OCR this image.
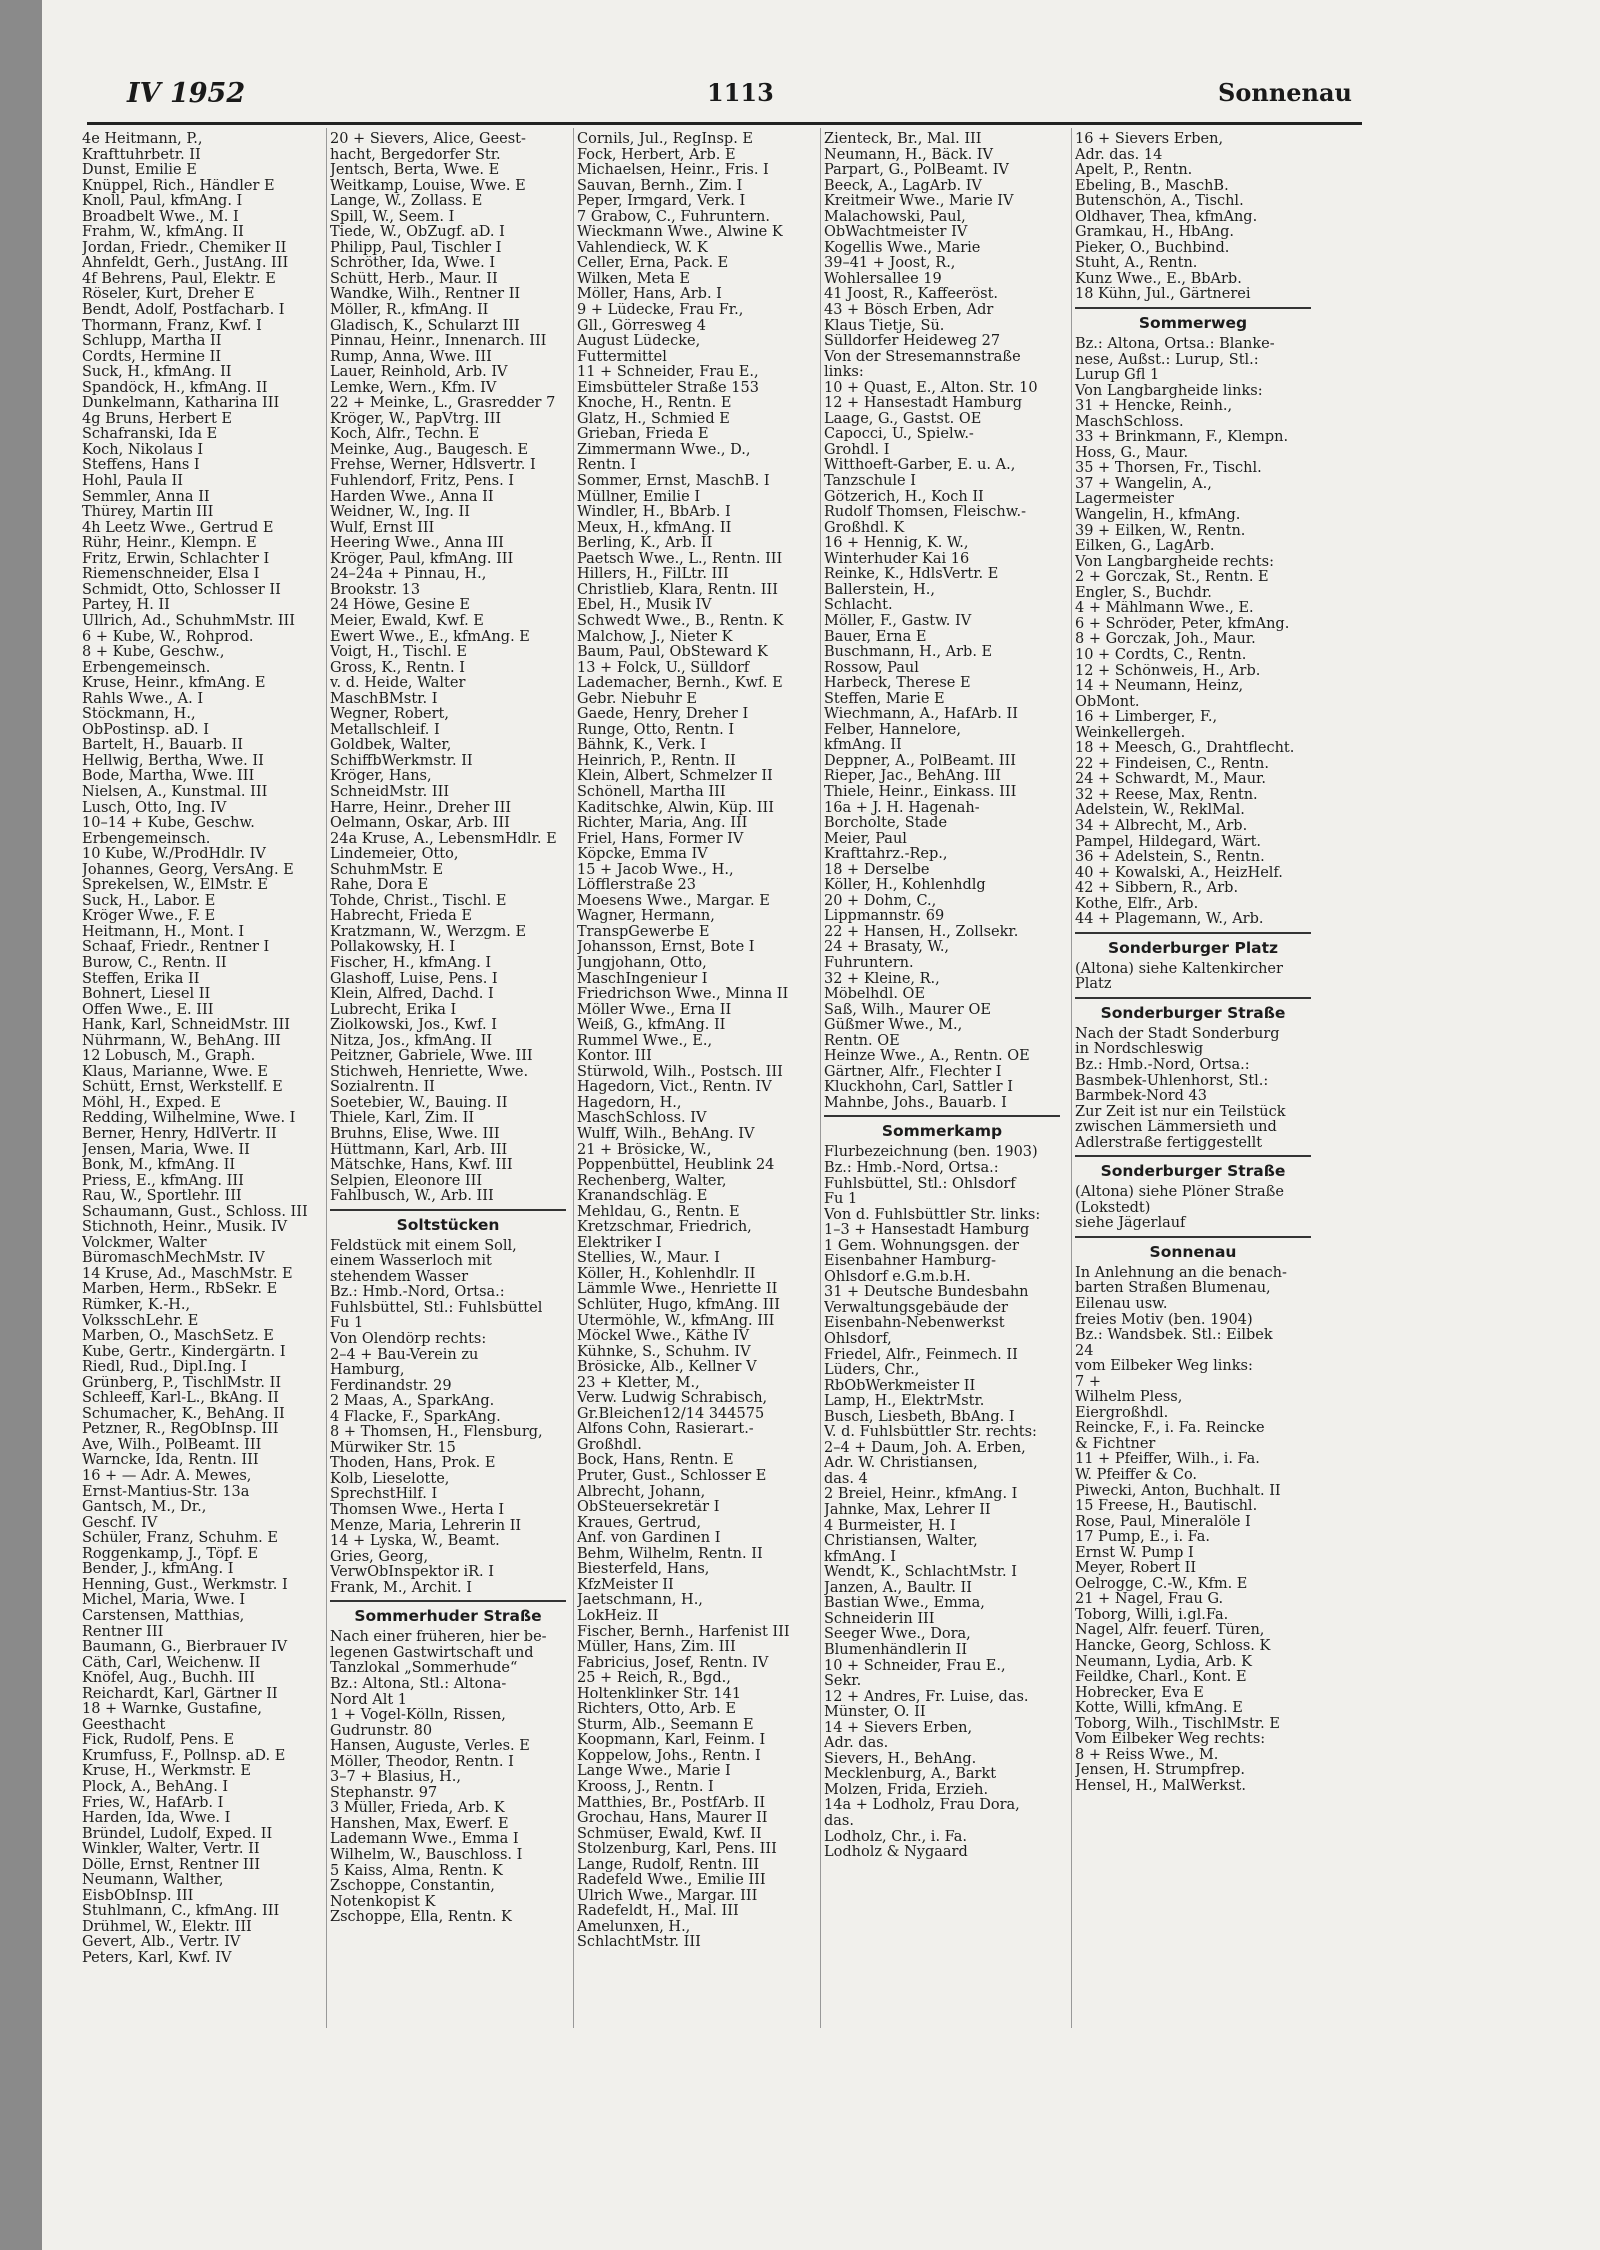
IV 1952	1113	Sonnenau
4e Heitmann, P.,
Krafttuhrbetr. II
Dunst, Emilie E
Knüppel, Rich., Händler E
Knoll, Paul, kfmAng. I
Broadbelt Wwe., M. I
Frahm, W., kfmAng. II
Jordan, Friedr., Chemiker II
Ahnfeldt, Gerh., JustAng. III
4f Behrens, Paul, Elektr. E
Röseler, Kurt, Dreher E
Bendt, Adolf, Postfacharb. I
Thormann, Franz, Kwf. I
Schlupp, Martha II
Cordts, Hermine II
Suck, H., kfmAng. II
Spandöck, H., kfmAng. II
Dunkelmann, Katharina III
4g Bruns, Herbert E
Schafranski, Ida E
Koch, Nikolaus I
Steffens, Hans I
Hohl, Paula II
Semmler, Anna II
Thürey, Martin III
4h Leetz Wwe., Gertrud E
Rühr, Heinr., Klempn. E
Fritz, Erwin, Schlachter I
Riemenschneider, Elsa I
Schmidt, Otto, Schlosser II
Partey, H. II
Ullrich, Ad., SchuhmMstr. III
6 + Kube, W., Rohprod.
8 + Kube, Geschw.,
Erbengemeinsch.
Kruse, Heinr., kfmAng. E
Rahls Wwe., A. I
Stöckmann, H.,
ObPostinsp. aD. I
Bartelt, H., Bauarb. II
Hellwig, Bertha, Wwe. II
Bode, Martha, Wwe. III
Nielsen, A., Kunstmal. III
Lusch, Otto, Ing. IV
10–14 + Kube, Geschw.
Erbengemeinsch.
10 Kube, W./ProdHdlr. IV
Johannes, Georg, VersAng. E
Sprekelsen, W., ElMstr. E
Suck, H., Labor. E
Kröger Wwe., F. E
Heitmann, H., Mont. I
Schaaf, Friedr., Rentner I
Burow, C., Rentn. II
Steffen, Erika II
Bohnert, Liesel II
Offen Wwe., E. III
Hank, Karl, SchneidMstr. III
Nührmann, W., BehAng. III
12 Lobusch, M., Graph.
Klaus, Marianne, Wwe. E
Schütt, Ernst, Werkstellf. E
Möhl, H., Exped. E
Redding, Wilhelmine, Wwe. I
Berner, Henry, HdlVertr. II
Jensen, Maria, Wwe. II
Bonk, M., kfmAng. II
Priess, E., kfmAng. III
Rau, W., Sportlehr. III
Schaumann, Gust., Schloss. III
Stichnoth, Heinr., Musik. IV
Volckmer, Walter
BüromaschMechMstr. IV
14 Kruse, Ad., MaschMstr. E
Marben, Herm., RbSekr. E
Rümker, K.-H.,
VolksschLehr. E
Marben, O., MaschSetz. E
Kube, Gertr., Kindergärtn. I
Riedl, Rud., Dipl.Ing. I
Grünberg, P., TischlMstr. II
Schleeff, Karl-L., BkAng. II
Schumacher, K., BehAng. II
Petzner, R., RegObInsp. III
Ave, Wilh., PolBeamt. III
Warncke, Ida, Rentn. III
16 + — Adr. A. Mewes,
Ernst-Mantius-Str. 13a
Gantsch, M., Dr.,
Geschf. IV
Schüler, Franz, Schuhm. E
Roggenkamp, J., Töpf. E
Bender, J., kfmAng. I
Henning, Gust., Werkmstr. I
Michel, Maria, Wwe. I
Carstensen, Matthias,
Rentner III
Baumann, G., Bierbrauer IV
Cäth, Carl, Weichenw. II
Knöfel, Aug., Buchh. III
Reichardt, Karl, Gärtner II
18 + Warnke, Gustafine,
Geesthacht
Fick, Rudolf, Pens. E
Krumfuss, F., Pollnsp. aD. E
Kruse, H., Werkmstr. E
Plock, A., BehAng. I
Fries, W., HafArb. I
Harden, Ida, Wwe. I
Bründel, Ludolf, Exped. II
Winkler, Walter, Vertr. II
Dölle, Ernst, Rentner III
Neumann, Walther,
EisbObInsp. III
Stuhlmann, C., kfmAng. III
Drühmel, W., Elektr. III
Gevert, Alb., Vertr. IV
Peters, Karl, Kwf. IV
20 + Sievers, Alice, Geest-
hacht, Bergedorfer Str.
Jentsch, Berta, Wwe. E
Weitkamp, Louise, Wwe. E
Lange, W., Zollass. E
Spill, W., Seem. I
Tiede, W., ObZugf. aD. I
Philipp, Paul, Tischler I
Schröther, Ida, Wwe. I
Schütt, Herb., Maur. II
Wandke, Wilh., Rentner II
Möller, R., kfmAng. II
Gladisch, K., Schularzt III
Pinnau, Heinr., Innenarch. III
Rump, Anna, Wwe. III
Lauer, Reinhold, Arb. IV
Lemke, Wern., Kfm. IV
22 + Meinke, L., Grasredder 7
Kröger, W., PapVtrg. III
Koch, Alfr., Techn. E
Meinke, Aug., Baugesch. E
Frehse, Werner, Hdlsvertr. I
Fuhlendorf, Fritz, Pens. I
Harden Wwe., Anna II
Weidner, W., Ing. II
Wulf, Ernst III
Heering Wwe., Anna III
Kröger, Paul, kfmAng. III
24–24a + Pinnau, H.,
Brookstr. 13
24 Höwe, Gesine E
Meier, Ewald, Kwf. E
Ewert Wwe., E., kfmAng. E
Voigt, H., Tischl. E
Gross, K., Rentn. I
v. d. Heide, Walter
MaschBMstr. I
Wegner, Robert,
Metallschleif. I
Goldbek, Walter,
SchiffbWerkmstr. II
Kröger, Hans,
SchneidMstr. III
Harre, Heinr., Dreher III
Oelmann, Oskar, Arb. III
24a Kruse, A., LebensmHdlr. E
Lindemeier, Otto,
SchuhmMstr. E
Rahe, Dora E
Tohde, Christ., Tischl. E
Habrecht, Frieda E
Kratzmann, W., Werzgm. E
Pollakowsky, H. I
Fischer, H., kfmAng. I
Glashoff, Luise, Pens. I
Klein, Alfred, Dachd. I
Lubrecht, Erika I
Ziolkowski, Jos., Kwf. I
Nitza, Jos., kfmAng. II
Peitzner, Gabriele, Wwe. III
Stichweh, Henriette, Wwe.
Sozialrentn. II
Soetebier, W., Bauing. II
Thiele, Karl, Zim. II
Bruhns, Elise, Wwe. III
Hüttmann, Karl, Arb. III
Mätschke, Hans, Kwf. III
Selpien, Eleonore III
Fahlbusch, W., Arb. III
Soltstücken
Feldstück mit einem Soll,
einem Wasserloch mit
stehendem Wasser
Bz.: Hmb.-Nord, Ortsa.:
Fuhlsbüttel, Stl.: Fuhlsbüttel
Fu 1
Von Olendörp rechts:
2–4 + Bau-Verein zu
Hamburg,
Ferdinandstr. 29
2 Maas, A., SparkAng.
4 Flacke, F., SparkAng.
8 + Thomsen, H., Flensburg,
Mürwiker Str. 15
Thoden, Hans, Prok. E
Kolb, Lieselotte,
SprechstHilf. I
Thomsen Wwe., Herta I
Menze, Maria, Lehrerin II
14 + Lyska, W., Beamt.
Gries, Georg,
VerwObInspektor iR. I
Frank, M., Archit. I
Sommerhuder Straße
Nach einer früheren, hier be-
legenen Gastwirtschaft und
Tanzlokal „Sommerhude“
Bz.: Altona, Stl.: Altona-
Nord Alt 1
1 + Vogel-Kölln, Rissen,
Gudrunstr. 80
Hansen, Auguste, Verles. E
Möller, Theodor, Rentn. I
3–7 + Blasius, H.,
Stephanstr. 97
3 Müller, Frieda, Arb. K
Hanshen, Max, Ewerf. E
Lademann Wwe., Emma I
Wilhelm, W., Bauschloss. I
5 Kaiss, Alma, Rentn. K
Zschoppe, Constantin,
Notenkopist K
Zschoppe, Ella, Rentn. K
Cornils, Jul., RegInsp. E
Fock, Herbert, Arb. E
Michaelsen, Heinr., Fris. I
Sauvan, Bernh., Zim. I
Peper, Irmgard, Verk. I
7 Grabow, C., Fuhruntern.
Wieckmann Wwe., Alwine K
Vahlendieck, W. K
Celler, Erna, Pack. E
Wilken, Meta E
Möller, Hans, Arb. I
9 + Lüdecke, Frau Fr.,
Gll., Görresweg 4
August Lüdecke,
Futtermittel
11 + Schneider, Frau E.,
Eimsbütteler Straße 153
Knoche, H., Rentn. E
Glatz, H., Schmied E
Grieban, Frieda E
Zimmermann Wwe., D.,
Rentn. I
Sommer, Ernst, MaschB. I
Müllner, Emilie I
Windler, H., BbArb. I
Meux, H., kfmAng. II
Berling, K., Arb. II
Paetsch Wwe., L., Rentn. III
Hillers, H., FilLtr. III
Christlieb, Klara, Rentn. III
Ebel, H., Musik IV
Schwedt Wwe., B., Rentn. K
Malchow, J., Nieter K
Baum, Paul, ObSteward K
13 + Folck, U., Sülldorf
Lademacher, Bernh., Kwf. E
Gebr. Niebuhr E
Gaede, Henry, Dreher I
Runge, Otto, Rentn. I
Bähnk, K., Verk. I
Heinrich, P., Rentn. II
Klein, Albert, Schmelzer II
Schönell, Martha III
Kaditschke, Alwin, Küp. III
Richter, Maria, Ang. III
Friel, Hans, Former IV
Köpcke, Emma IV
15 + Jacob Wwe., H.,
Löfflerstraße 23
Moesens Wwe., Margar. E
Wagner, Hermann,
TranspGewerbe E
Johansson, Ernst, Bote I
Jungjohann, Otto,
MaschIngenieur I
Friedrichson Wwe., Minna II
Möller Wwe., Erna II
Weiß, G., kfmAng. II
Rummel Wwe., E.,
Kontor. III
Stürwold, Wilh., Postsch. III
Hagedorn, Vict., Rentn. IV
Hagedorn, H.,
MaschSchloss. IV
Wulff, Wilh., BehAng. IV
21 + Brösicke, W.,
Poppenbüttel, Heublink 24
Rechenberg, Walter,
Kranandschläg. E
Mehldau, G., Rentn. E
Kretzschmar, Friedrich,
Elektriker I
Stellies, W., Maur. I
Köller, H., Kohlenhdlr. II
Lämmle Wwe., Henriette II
Schlüter, Hugo, kfmAng. III
Utermöhle, W., kfmAng. III
Möckel Wwe., Käthe IV
Kühnke, S., Schuhm. IV
Brösicke, Alb., Kellner V
23 + Kletter, M.,
Verw. Ludwig Schrabisch,
Gr.Bleichen12/14 344575
Alfons Cohn, Rasierart.-
Großhdl.
Bock, Hans, Rentn. E
Pruter, Gust., Schlosser E
Albrecht, Johann,
ObSteuersekretär I
Kraues, Gertrud,
Anf. von Gardinen I
Behm, Wilhelm, Rentn. II
Biesterfeld, Hans,
KfzMeister II
Jaetschmann, H.,
LokHeiz. II
Fischer, Bernh., Harfenist III
Müller, Hans, Zim. III
Fabricius, Josef, Rentn. IV
25 + Reich, R., Bgd.,
Holtenklinker Str. 141
Richters, Otto, Arb. E
Sturm, Alb., Seemann E
Koopmann, Karl, Feinm. I
Koppelow, Johs., Rentn. I
Lange Wwe., Marie I
Krooss, J., Rentn. I
Matthies, Br., PostfArb. II
Grochau, Hans, Maurer II
Schmüser, Ewald, Kwf. II
Stolzenburg, Karl, Pens. III
Lange, Rudolf, Rentn. III
Radefeld Wwe., Emilie III
Ulrich Wwe., Margar. III
Radefeldt, H., Mal. III
Amelunxen, H.,
SchlachtMstr. III
Zienteck, Br., Mal. III
Neumann, H., Bäck. IV
Parpart, G., PolBeamt. IV
Beeck, A., LagArb. IV
Kreitmeir Wwe., Marie IV
Malachowski, Paul,
ObWachtmeister IV
Kogellis Wwe., Marie
39–41 + Joost, R.,
Wohlersallee 19
41 Joost, R., Kaffeeröst.
43 + Bösch Erben, Adr
Klaus Tietje, Sü.
Sülldorfer Heideweg 27
Von der Stresemannstraße
links:
10 + Quast, E., Alton. Str. 10
12 + Hansestadt Hamburg
Laage, G., Gastst. OE
Capocci, U., Spielw.-
Grohdl. I
Witthoeft-Garber, E. u. A.,
Tanzschule I
Götzerich, H., Koch II
Rudolf Thomsen, Fleischw.-
Großhdl. K
16 + Hennig, K. W.,
Winterhuder Kai 16
Reinke, K., HdlsVertr. E
Ballerstein, H.,
Schlacht.
Möller, F., Gastw. IV
Bauer, Erna E
Buschmann, H., Arb. E
Rossow, Paul
Harbeck, Therese E
Steffen, Marie E
Wiechmann, A., HafArb. II
Felber, Hannelore,
kfmAng. II
Deppner, A., PolBeamt. III
Rieper, Jac., BehAng. III
Thiele, Heinr., Einkass. III
16a + J. H. Hagenah-
Borcholte, Stade
Meier, Paul
Krafttahrz.-Rep.,
18 + Derselbe
Köller, H., Kohlenhdlg
20 + Dohm, C.,
Lippmannstr. 69
22 + Hansen, H., Zollsekr.
24 + Brasaty, W.,
Fuhruntern.
32 + Kleine, R.,
Möbelhdl. OE
Saß, Wilh., Maurer OE
Güßmer Wwe., M.,
Rentn. OE
Heinze Wwe., A., Rentn. OE
Gärtner, Alfr., Flechter I
Kluckhohn, Carl, Sattler I
Mahnbe, Johs., Bauarb. I
Sommerkamp
Flurbezeichnung (ben. 1903)
Bz.: Hmb.-Nord, Ortsa.:
Fuhlsbüttel, Stl.: Ohlsdorf
Fu 1
Von d. Fuhlsbüttler Str. links:
1–3 + Hansestadt Hamburg
1 Gem. Wohnungsgen. der
Eisenbahner Hamburg-
Ohlsdorf e.G.m.b.H.
31 + Deutsche Bundesbahn
Verwaltungsgebäude der
Eisenbahn-Nebenwerkst
Ohlsdorf,
Friedel, Alfr., Feinmech. II
Lüders, Chr.,
RbObWerkmeister II
Lamp, H., ElektrMstr.
Busch, Liesbeth, BbAng. I
V. d. Fuhlsbüttler Str. rechts:
2–4 + Daum, Joh. A. Erben,
Adr. W. Christiansen,
das. 4
2 Breiel, Heinr., kfmAng. I
Jahnke, Max, Lehrer II
4 Burmeister, H. I
Christiansen, Walter,
kfmAng. I
Wendt, K., SchlachtMstr. I
Janzen, A., Baultr. II
Bastian Wwe., Emma,
Schneiderin III
Seeger Wwe., Dora,
Blumenhändlerin II
10 + Schneider, Frau E.,
Sekr.
12 + Andres, Fr. Luise, das.
Münster, O. II
14 + Sievers Erben,
Adr. das.
Sievers, H., BehAng.
Mecklenburg, A., Barkt
Molzen, Frida, Erzieh.
14a + Lodholz, Frau Dora,
das.
Lodholz, Chr., i. Fa.
Lodholz & Nygaard
16 + Sievers Erben,
Adr. das. 14
Apelt, P., Rentn.
Ebeling, B., MaschB.
Butenschön, A., Tischl.
Oldhaver, Thea, kfmAng.
Gramkau, H., HbAng.
Pieker, O., Buchbind.
Stuht, A., Rentn.
Kunz Wwe., E., BbArb.
18 Kühn, Jul., Gärtnerei
Sommerweg
Bz.: Altona, Ortsa.: Blanke-
nese, Außst.: Lurup, Stl.:
Lurup Gfl 1
Von Langbargheide links:
31 + Hencke, Reinh.,
MaschSchloss.
33 + Brinkmann, F., Klempn.
Hoss, G., Maur.
35 + Thorsen, Fr., Tischl.
37 + Wangelin, A.,
Lagermeister
Wangelin, H., kfmAng.
39 + Eilken, W., Rentn.
Eilken, G., LagArb.
Von Langbargheide rechts:
2 + Gorczak, St., Rentn. E
Engler, S., Buchdr.
4 + Mählmann Wwe., E.
6 + Schröder, Peter, kfmAng.
8 + Gorczak, Joh., Maur.
10 + Cordts, C., Rentn.
12 + Schönweis, H., Arb.
14 + Neumann, Heinz,
ObMont.
16 + Limberger, F.,
Weinkellergeh.
18 + Meesch, G., Drahtflecht.
22 + Findeisen, C., Rentn.
24 + Schwardt, M., Maur.
32 + Reese, Max, Rentn.
Adelstein, W., ReklMal.
34 + Albrecht, M., Arb.
Pampel, Hildegard, Wärt.
36 + Adelstein, S., Rentn.
40 + Kowalski, A., HeizHelf.
42 + Sibbern, R., Arb.
Kothe, Elfr., Arb.
44 + Plagemann, W., Arb.
Sonderburger Platz
(Altona) siehe Kaltenkircher
Platz
Sonderburger Straße
Nach der Stadt Sonderburg
in Nordschleswig
Bz.: Hmb.-Nord, Ortsa.:
Basmbek-Uhlenhorst, Stl.:
Barmbek-Nord 43
Zur Zeit ist nur ein Teilstück
zwischen Lämmersieth und
Adlerstraße fertiggestellt
Sonderburger Straße
(Altona) siehe Plöner Straße
(Lokstedt)
siehe Jägerlauf
Sonnenau
In Anlehnung an die benach-
barten Straßen Blumenau,
Eilenau usw.
freies Motiv (ben. 1904)
Bz.: Wandsbek. Stl.: Eilbek
24
vom Eilbeker Weg links:
7 +
Wilhelm Pless,
Eiergroßhdl.
Reincke, F., i. Fa. Reincke
& Fichtner
11 + Pfeiffer, Wilh., i. Fa.
W. Pfeiffer & Co.
Piwecki, Anton, Buchhalt. II
15 Freese, H., Bautischl.
Rose, Paul, Mineralöle I
17 Pump, E., i. Fa.
Ernst W. Pump I
Meyer, Robert II
Oelrogge, C.-W., Kfm. E
21 + Nagel, Frau G.
Toborg, Willi, i.gl.Fa.
Nagel, Alfr. feuerf. Türen,
Hancke, Georg, Schloss. K
Neumann, Lydia, Arb. K
Feildke, Charl., Kont. E
Hobrecker, Eva E
Kotte, Willi, kfmAng. E
Toborg, Wilh., TischlMstr. E
Vom Eilbeker Weg rechts:
8 + Reiss Wwe., M.
Jensen, H. Strumpfrep.
Hensel, H., MalWerkst.
